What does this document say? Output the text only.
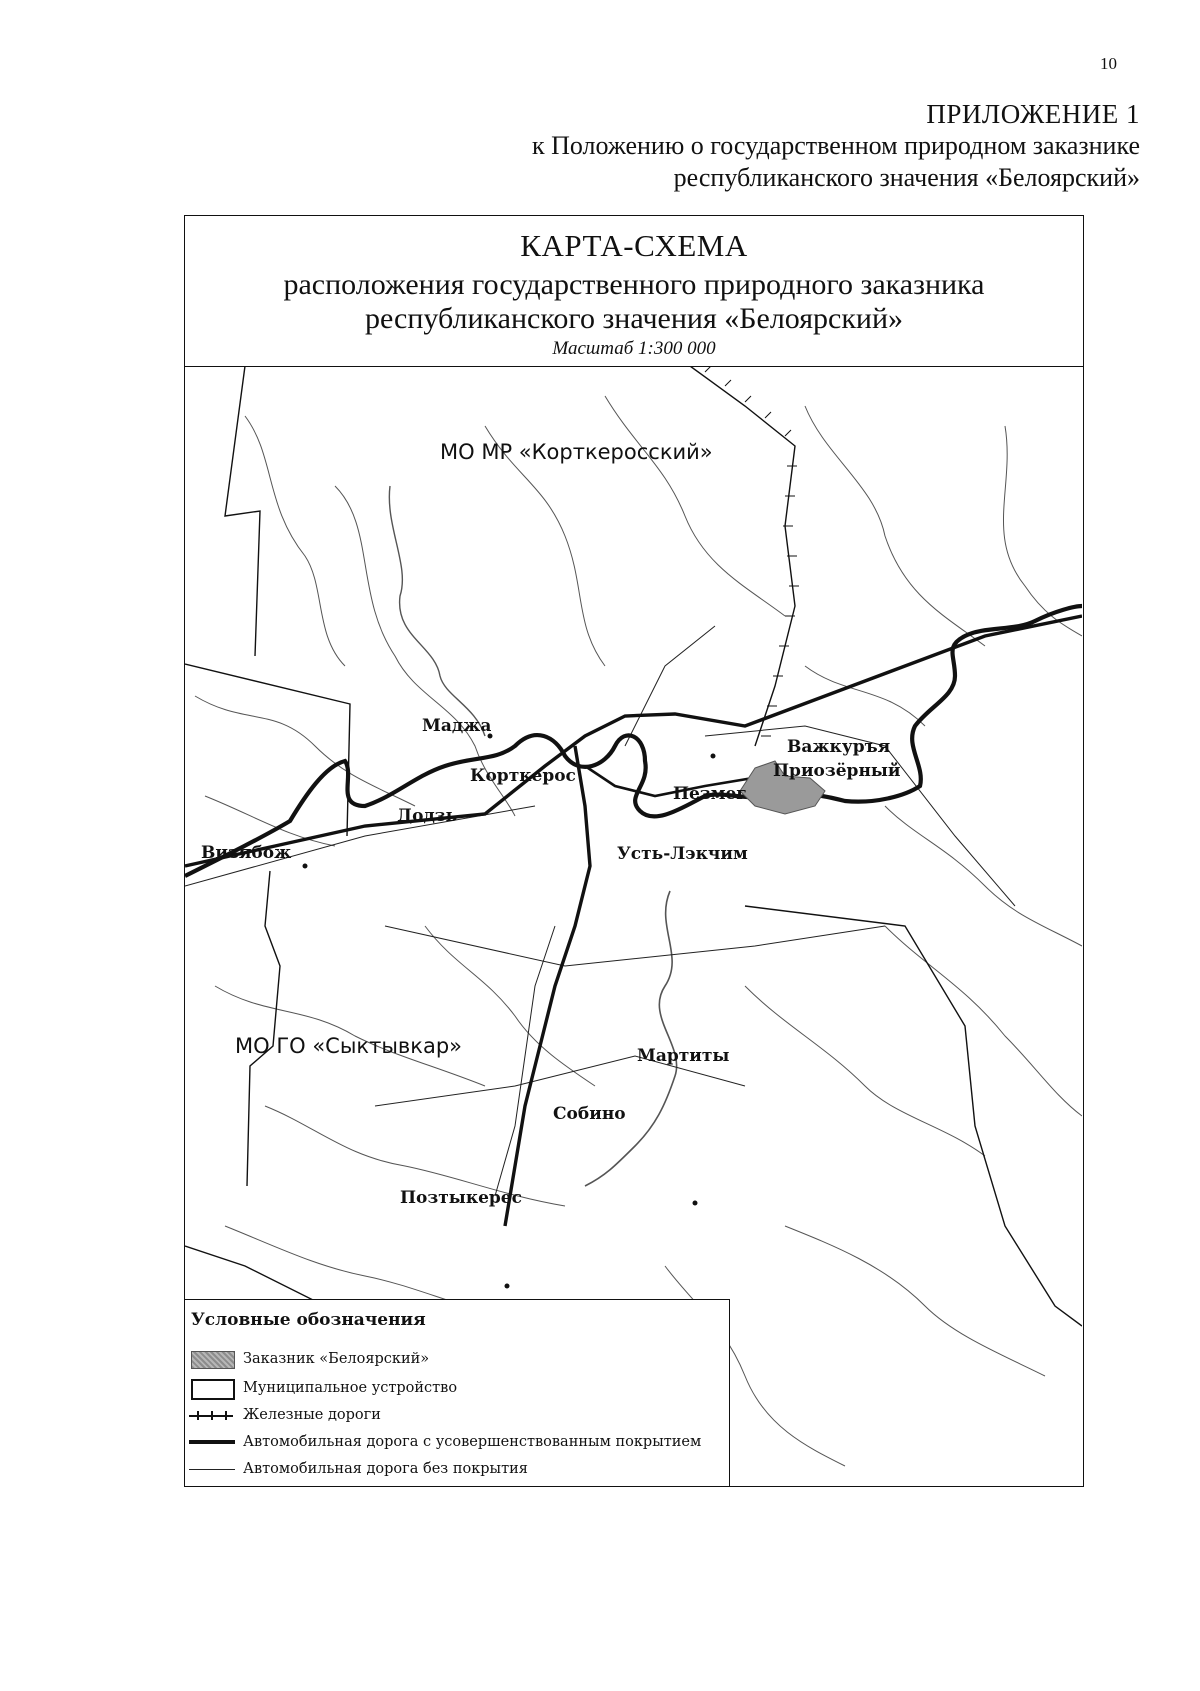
10
ПРИЛОЖЕНИЕ 1
к Положению о государственном природном заказнике
республиканского значения «Белоярский»
КАРТА-СХЕМА
расположения государственного природного заказника
республиканского значения «Белоярский»
Масштаб 1:300 000
МО МР «Корткеросский»
МО ГО «Сыктывкар»
Маджа
Важкуръя
Приозёрный
Корткерос
Пезмег
Додзь
Визябож	Усть-Лэкчим
Мартиты
Собино
Позтыкерес
Условные обозначения
Заказник «Белоярский»
Муниципальное устройство
Железные дороги
Автомобильная дорога с усовершенствованным покрытием
Автомобильная дорога без покрытия
